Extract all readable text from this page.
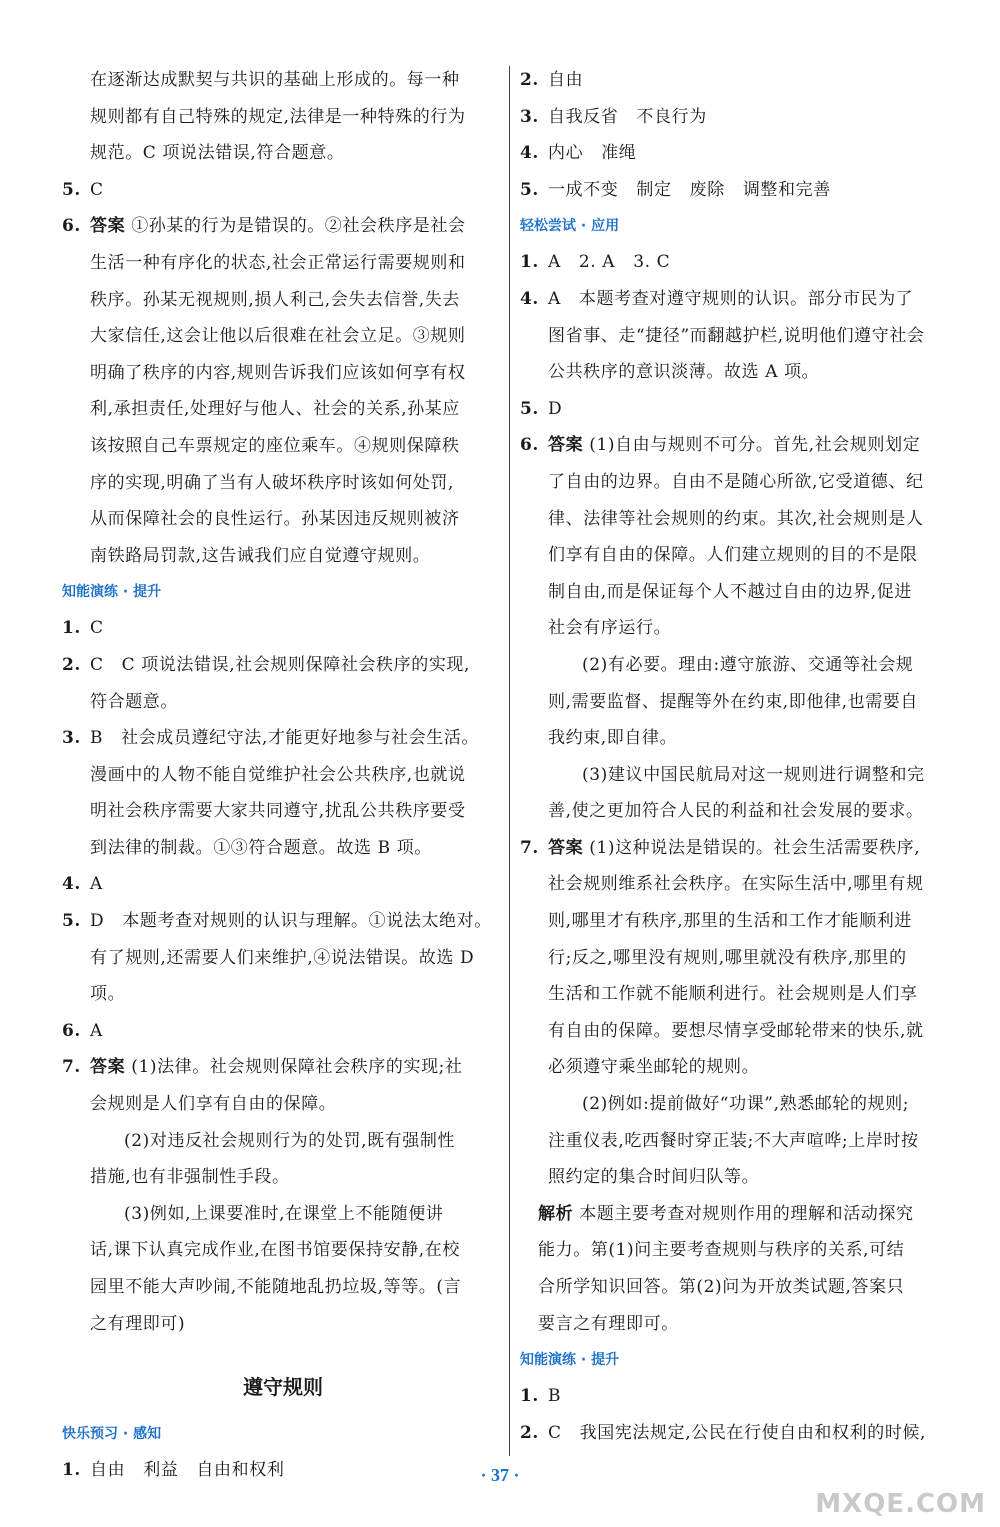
在逐渐达成默契与共识的基础上形成的。每一种
规则都有自己特殊的规定,法律是一种特殊的行为
规范。C 项说法错误,符合题意。
5. C
6. 答案 ①孙某的行为是错误的。②社会秩序是社会
生活一种有序化的状态,社会正常运行需要规则和
秩序。孙某无视规则,损人利己,会失去信誉,失去
大家信任,这会让他以后很难在社会立足。③规则
明确了秩序的内容,规则告诉我们应该如何享有权
利,承担责任,处理好与他人、社会的关系,孙某应
该按照自己车票规定的座位乘车。④规则保障秩
序的实现,明确了当有人破坏秩序时该如何处罚,
从而保障社会的良性运行。孙某因违反规则被济
南铁路局罚款,这告诫我们应自觉遵守规则。
知能演练 · 提升
1. C
2. C   C 项说法错误,社会规则保障社会秩序的实现,
符合题意。
3. B   社会成员遵纪守法,才能更好地参与社会生活。
漫画中的人物不能自觉维护社会公共秩序,也就说
明社会秩序需要大家共同遵守,扰乱公共秩序要受
到法律的制裁。①③符合题意。故选 B 项。
4. A
5. D   本题考查对规则的认识与理解。①说法太绝对。
有了规则,还需要人们来维护,④说法错误。故选 D 项。
6. A
7. 答案 (1)法律。社会规则保障社会秩序的实现;社
会规则是人们享有自由的保障。
(2)对违反社会规则行为的处罚,既有强制性
措施,也有非强制性手段。
(3)例如,上课要准时,在课堂上不能随便讲
话,课下认真完成作业,在图书馆要保持安静,在校
园里不能大声吵闹,不能随地乱扔垃圾,等等。(言
之有理即可)
遵守规则
快乐预习 · 感知
1. 自由   利益   自由和权利
2. 自由
3. 自我反省   不良行为
4. 内心   准绳
5. 一成不变   制定   废除   调整和完善
轻松尝试 · 应用
1. A   2. A   3. C
4. A   本题考查对遵守规则的认识。部分市民为了
图省事、走“捷径”而翻越护栏,说明他们遵守社会
公共秩序的意识淡薄。故选 A 项。
5. D
6. 答案 (1)自由与规则不可分。首先,社会规则划定
了自由的边界。自由不是随心所欲,它受道德、纪
律、法律等社会规则的约束。其次,社会规则是人
们享有自由的保障。人们建立规则的目的不是限
制自由,而是保证每个人不越过自由的边界,促进
社会有序运行。
(2)有必要。理由:遵守旅游、交通等社会规
则,需要监督、提醒等外在约束,即他律,也需要自
我约束,即自律。
(3)建议中国民航局对这一规则进行调整和完
善,使之更加符合人民的利益和社会发展的要求。
7. 答案 (1)这种说法是错误的。社会生活需要秩序,
社会规则维系社会秩序。在实际生活中,哪里有规
则,哪里才有秩序,那里的生活和工作才能顺利进
行;反之,哪里没有规则,哪里就没有秩序,那里的
生活和工作就不能顺利进行。社会规则是人们享
有自由的保障。要想尽情享受邮轮带来的快乐,就
必须遵守乘坐邮轮的规则。
(2)例如:提前做好“功课”,熟悉邮轮的规则;
注重仪表,吃西餐时穿正装;不大声喧哗;上岸时按
照约定的集合时间归队等。
解析 本题主要考查对规则作用的理解和活动探究
能力。第(1)问主要考查规则与秩序的关系,可结
合所学知识回答。第(2)问为开放类试题,答案只
要言之有理即可。
知能演练 · 提升
1. B
2. C   我国宪法规定,公民在行使自由和权利的时候,
· 37 ·
MXQE.COM
